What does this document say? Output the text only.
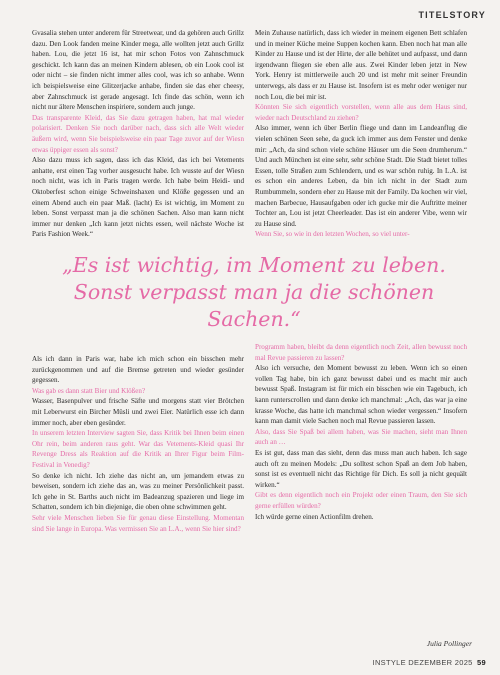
TITELSTORY

Gvasalia stehen unter anderem für Streetwear, und da gehören auch Grillz dazu. Den Look fanden meine Kinder mega, alle wollten jetzt auch Grillz haben. Lou, die jetzt 16 ist, hat mir schon Fotos von Zahnschmuck geschickt. Ich kann das an meinen Kindern ablesen, ob ein Look cool ist oder nicht – sie finden nicht immer alles cool, was ich so anhabe. Wenn ich beispielsweise eine Glitzerjacke anhabe, finden sie das eher cheesy, aber Zahnschmuck ist gerade angesagt. Ich finde das schön, wenn ich nicht nur ältere Menschen inspiriere, sondern auch junge.

Das transparente Kleid, das Sie dazu getragen haben, hat mal wieder polarisiert. Denken Sie noch darüber nach, dass sich alle Welt wieder äußern wird, wenn Sie beispielsweise ein paar Tage zuvor auf der Wiesn etwas üppiger essen als sonst?

Also dazu muss ich sagen, dass ich das Kleid, das ich bei Vetements anhatte, erst einen Tag vorher ausgesucht habe. Ich wusste auf der Wiesn noch nicht, was ich in Paris tragen werde. Ich habe beim Heidi- und Oktoberfest schon einige Schweinshaxen und Klöße gegessen und an einem Abend auch ein paar Maß. (lacht) Es ist wichtig, im Moment zu leben. Sonst verpasst man ja die schönen Sachen. Also man kann nicht immer nur denken „Ich kann jetzt nichts essen, weil nächste Woche ist Paris Fashion Week.“

Mein Zuhause natürlich, dass ich wieder in meinem eigenen Bett schlafen und in meiner Küche meine Suppen kochen kann. Eben noch hat man alle Kinder zu Hause und ist der Hirte, der alle behütet und aufpasst, und dann irgendwann fliegen sie eben alle aus. Zwei Kinder leben jetzt in New York. Henry ist mittlerweile auch 20 und ist mehr mit seiner Freundin unterwegs, als dass er zu Hause ist. Insofern ist es mehr oder weniger nur noch Lou, die bei mir ist.

Könnten Sie sich eigentlich vorstellen, wenn alle aus dem Haus sind, wieder nach Deutschland zu ziehen?

Also immer, wenn ich über Berlin fliege und dann im Landeanflug die vielen schönen Seen sehe, da guck ich immer aus dem Fenster und denke mir: „Ach, da sind schon viele schöne Häuser um die Seen drumherum.“ Und auch München ist eine sehr, sehr schöne Stadt. Die Stadt bietet tolles Essen, tolle Straßen zum Schlendern, und es war schön ruhig. In L.A. ist es schon ein anderes Leben, da bin ich nicht in der Stadt zum Rumbummeln, sondern eher zu Hause mit der Family. Da kochen wir viel, machen Barbecue, Hausaufgaben oder ich gucke mir die Auftritte meiner Tochter an, Lou ist jetzt Cheerleader. Das ist ein anderer Vibe, wenn wir zu Hause sind.

Wenn Sie, so wie in den letzten Wochen, so viel unter-

„Es ist wichtig, im Moment zu leben. Sonst verpasst man ja die schönen Sachen.“

Als ich dann in Paris war, habe ich mich schon ein bisschen mehr zurückgenommen und auf die Bremse getreten und wieder gesünder gegessen.

Was gab es dann statt Bier und Klößen?

Wasser, Basenpulver und frische Säfte und morgens statt vier Brötchen mit Leberwurst ein Bircher Müsli und zwei Eier. Natürlich esse ich dann immer noch, aber eben gesünder.

In unserem letzten Interview sagten Sie, dass Kritik bei Ihnen beim einen Ohr rein, beim anderen raus geht. War das Vetements-Kleid quasi Ihr Revenge Dress als Reaktion auf die Kritik an Ihrer Figur beim Film-Festival in Venedig?

So denke ich nicht. Ich ziehe das nicht an, um jemandem etwas zu beweisen, sondern ich ziehe das an, was zu meiner Persönlichkeit passt. Ich gehe in St. Barths auch nicht im Badeanzug spazieren und liege im Schatten, sondern ich bin diejenige, die oben ohne schwimmen geht.

Sehr viele Menschen lieben Sie für genau diese Einstellung. Momentan sind Sie lange in Europa. Was vermissen Sie an L.A., wenn Sie hier sind?

Programm haben, bleibt da denn eigentlich noch Zeit, allen bewusst noch mal Revue passieren zu lassen?

Also ich versuche, den Moment bewusst zu leben. Wenn ich so einen vollen Tag habe, bin ich ganz bewusst dabei und es macht mir auch bewusst Spaß. Instagram ist für mich ein bisschen wie ein Tagebuch, ich kann runterscrollen und dann denke ich manchmal: „Ach, das war ja eine krasse Woche, das hatte ich manchmal schon wieder vergessen.“ Insofern kann man damit viele Sachen noch mal Revue passieren lassen.

Also, dass Sie Spaß bei allem haben, was Sie machen, sieht man Ihnen auch an …

Es ist gut, dass man das sieht, denn das muss man auch haben. Ich sage auch oft zu meinen Models: „Du solltest schon Spaß an dem Job haben, sonst ist es eventuell nicht das Richtige für Dich. Es soll ja nicht gequält wirken.“

Gibt es denn eigentlich noch ein Projekt oder einen Traum, den Sie sich gerne erfüllen würden?

Ich würde gerne einen Actionfilm drehen.

Julia Pollinger
INSTYLE DEZEMBER 2025 59
